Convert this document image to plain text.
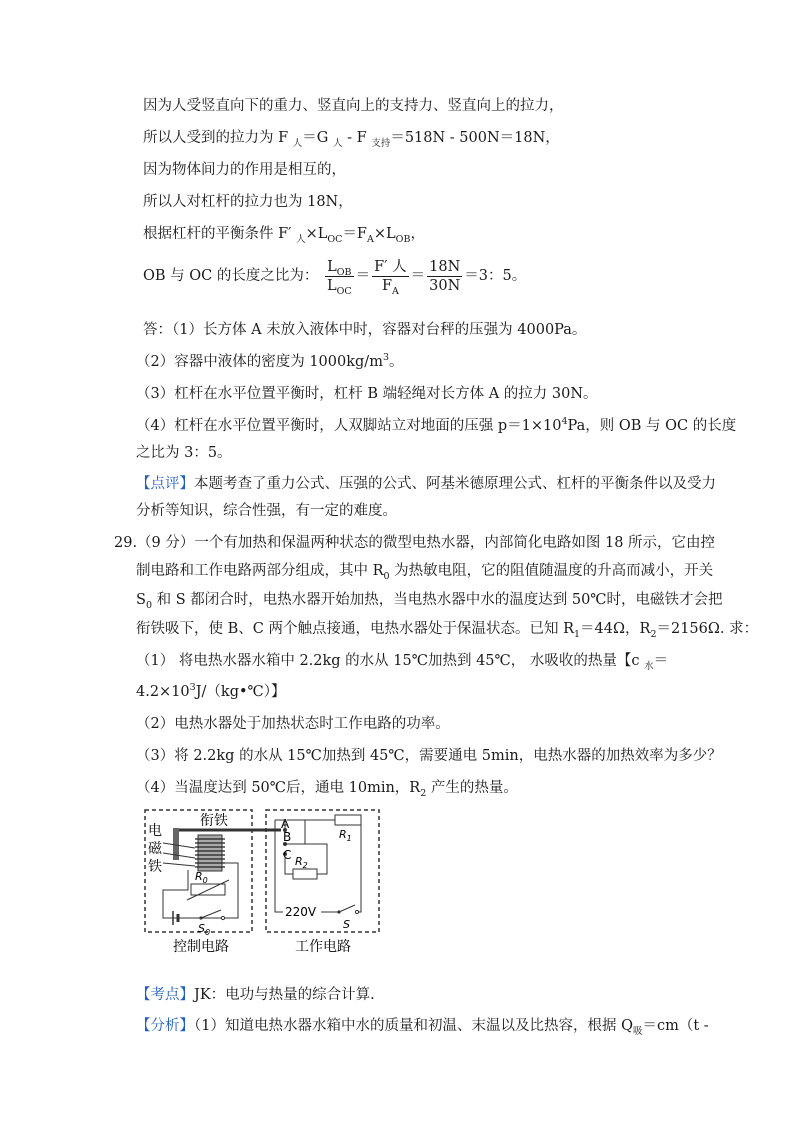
因为人受竖直向下的重力、竖直向上的支持力、竖直向上的拉力，
所以人受到的拉力为 F $_人$＝G $_人$ - F $_{支持}$＝518N - 500N＝18N，
因为物体间力的作用是相互的，
所以人对杠杆的拉力也为 18N，
根据杠杆的平衡条件 F′ $_人\times L_{OC}=F_A\times L_{OB}$，
OB 与 OC 的长度之比为： $\frac{L_{OB}}{L_{OC}} = \frac{\text{F′ 人}}{F_A} = \frac{18N}{30N} =3$：5。
答：（1）长方体 A 未放入液体中时，容器对台秤的压强为 4000Pa。
（2）容器中液体的密度为 $1000kg/m^3$。
（3）杠杆在水平位置平衡时，杠杆 B 端轻绳对长方体 A 的拉力 30N。
（4）杠杆在水平位置平衡时，人双脚站立对地面的压强 $p=1\times 10^4Pa$，则 OB 与 OC 的长度
之比为 3：5。
【点评】本题考查了重力公式、压强的公式、阿基米德原理公式、杠杆的平衡条件以及受力
分析等知识，综合性强，有一定的难度。
29.（9 分）一个有加热和保温两种状态的微型电热水器，内部简化电路如图 18 所示，它由控
制电路和工作电路两部分组成，其中 $R_0$ 为热敏电阻，它的阻值随温度的升高而减小，开关
$S_0$ 和 S 都闭合时，电热水器开始加热，当电热水器中水的温度达到 50℃时，电磁铁才会把
衔铁吸下，使 B、C 两个触点接通，电热水器处于保温状态。已知 $R_1=44\Omega$，$R_2=2156\Omega$. 求：
（1） 将电热水器水箱中 2.2kg 的水从 15℃加热到 45℃， 水吸收的热量【c $_水$＝
$4.2\times 10^3J/(kg•℃)$】
（2）电热水器处于加热状态时工作电路的功率。
（3）将 2.2kg 的水从 15℃加热到 45℃，需要通电 5min，电热水器的加热效率为多少？
（4）当温度达到 50℃后，通电 10min，$R_2$ 产生的热量。
衔铁
电
磁
铁
$R_0$
$S_0$
A
B
C
$R_1$
$R_2$
220V
S
控制电路	工作电路
【考点】JK：电功与热量的综合计算.
【分析】（1）知道电热水器水箱中水的质量和初温、末温以及比热容，根据 $Q_吸=cm(t$ -
